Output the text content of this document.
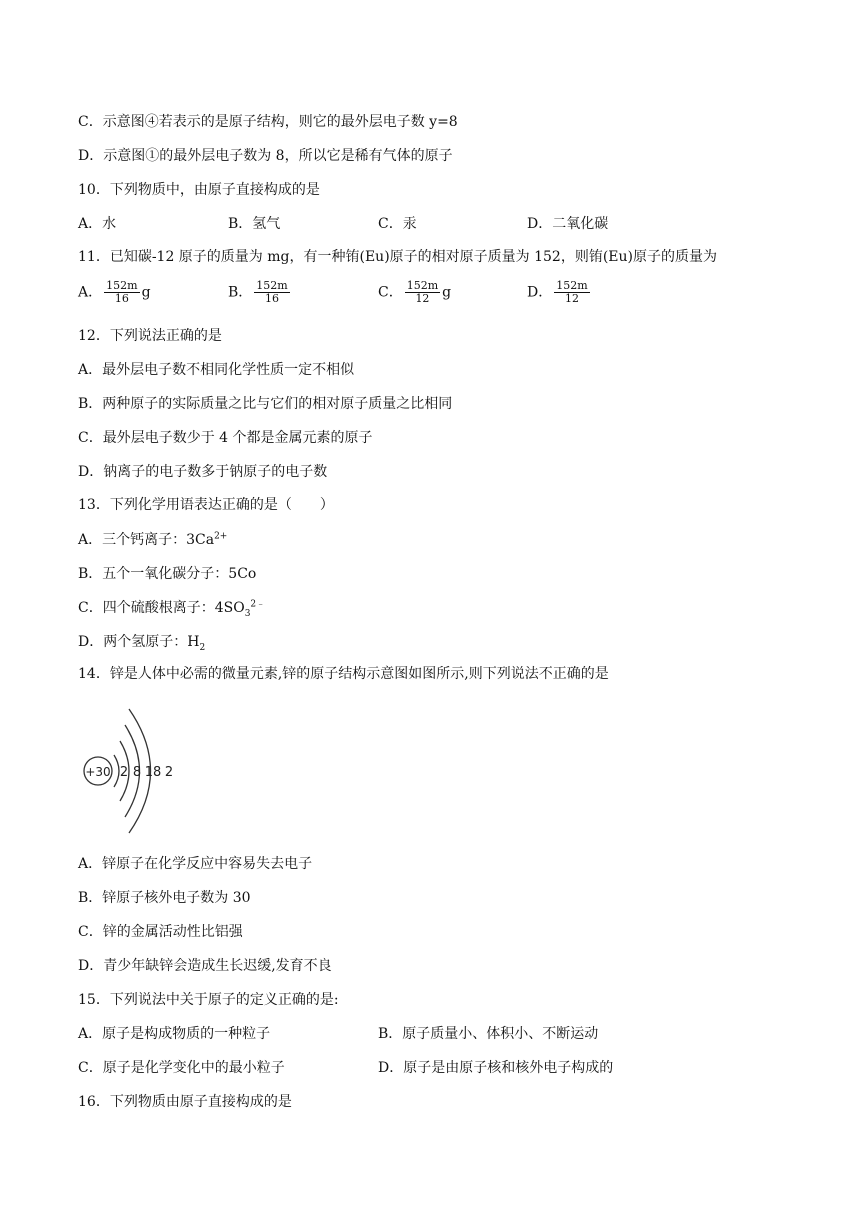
C．示意图④若表示的是原子结构，则它的最外层电子数 y=8
D．示意图①的最外层电子数为 8，所以它是稀有气体的原子
10．下列物质中，由原子直接构成的是
A．水	B．氢气	C．汞	D．二氧化碳
11．已知碳-12 原子的质量为 mg，有一种铕(Eu)原子的相对原子质量为 152，则铕(Eu)原子的质量为
A． $\frac{152m}{16}$ g	B． $\frac{152m}{16}$	C． $\frac{152m}{12}$ g	D． $\frac{152m}{12}$
12．下列说法正确的是
A．最外层电子数不相同化学性质一定不相似
B．两种原子的实际质量之比与它们的相对原子质量之比相同
C．最外层电子数少于 4 个都是金属元素的原子
D．钠离子的电子数多于钠原子的电子数
13．下列化学用语表达正确的是（　　）
A．三个钙离子：$3Ca^{2+}$
B．五个一氧化碳分子：5Co
C．四个硫酸根离子：$4SO_3^{2﹣}$
D．两个氢原子：$H_2$
14．锌是人体中必需的微量元素,锌的原子结构示意图如图所示,则下列说法不正确的是
+30 2 8 18 2
A．锌原子在化学反应中容易失去电子
B．锌原子核外电子数为 30
C．锌的金属活动性比铝强
D．青少年缺锌会造成生长迟缓,发育不良
15．下列说法中关于原子的定义正确的是:
A．原子是构成物质的一种粒子	B．原子质量小、体积小、不断运动
C．原子是化学变化中的最小粒子	D．原子是由原子核和核外电子构成的
16．下列物质由原子直接构成的是
